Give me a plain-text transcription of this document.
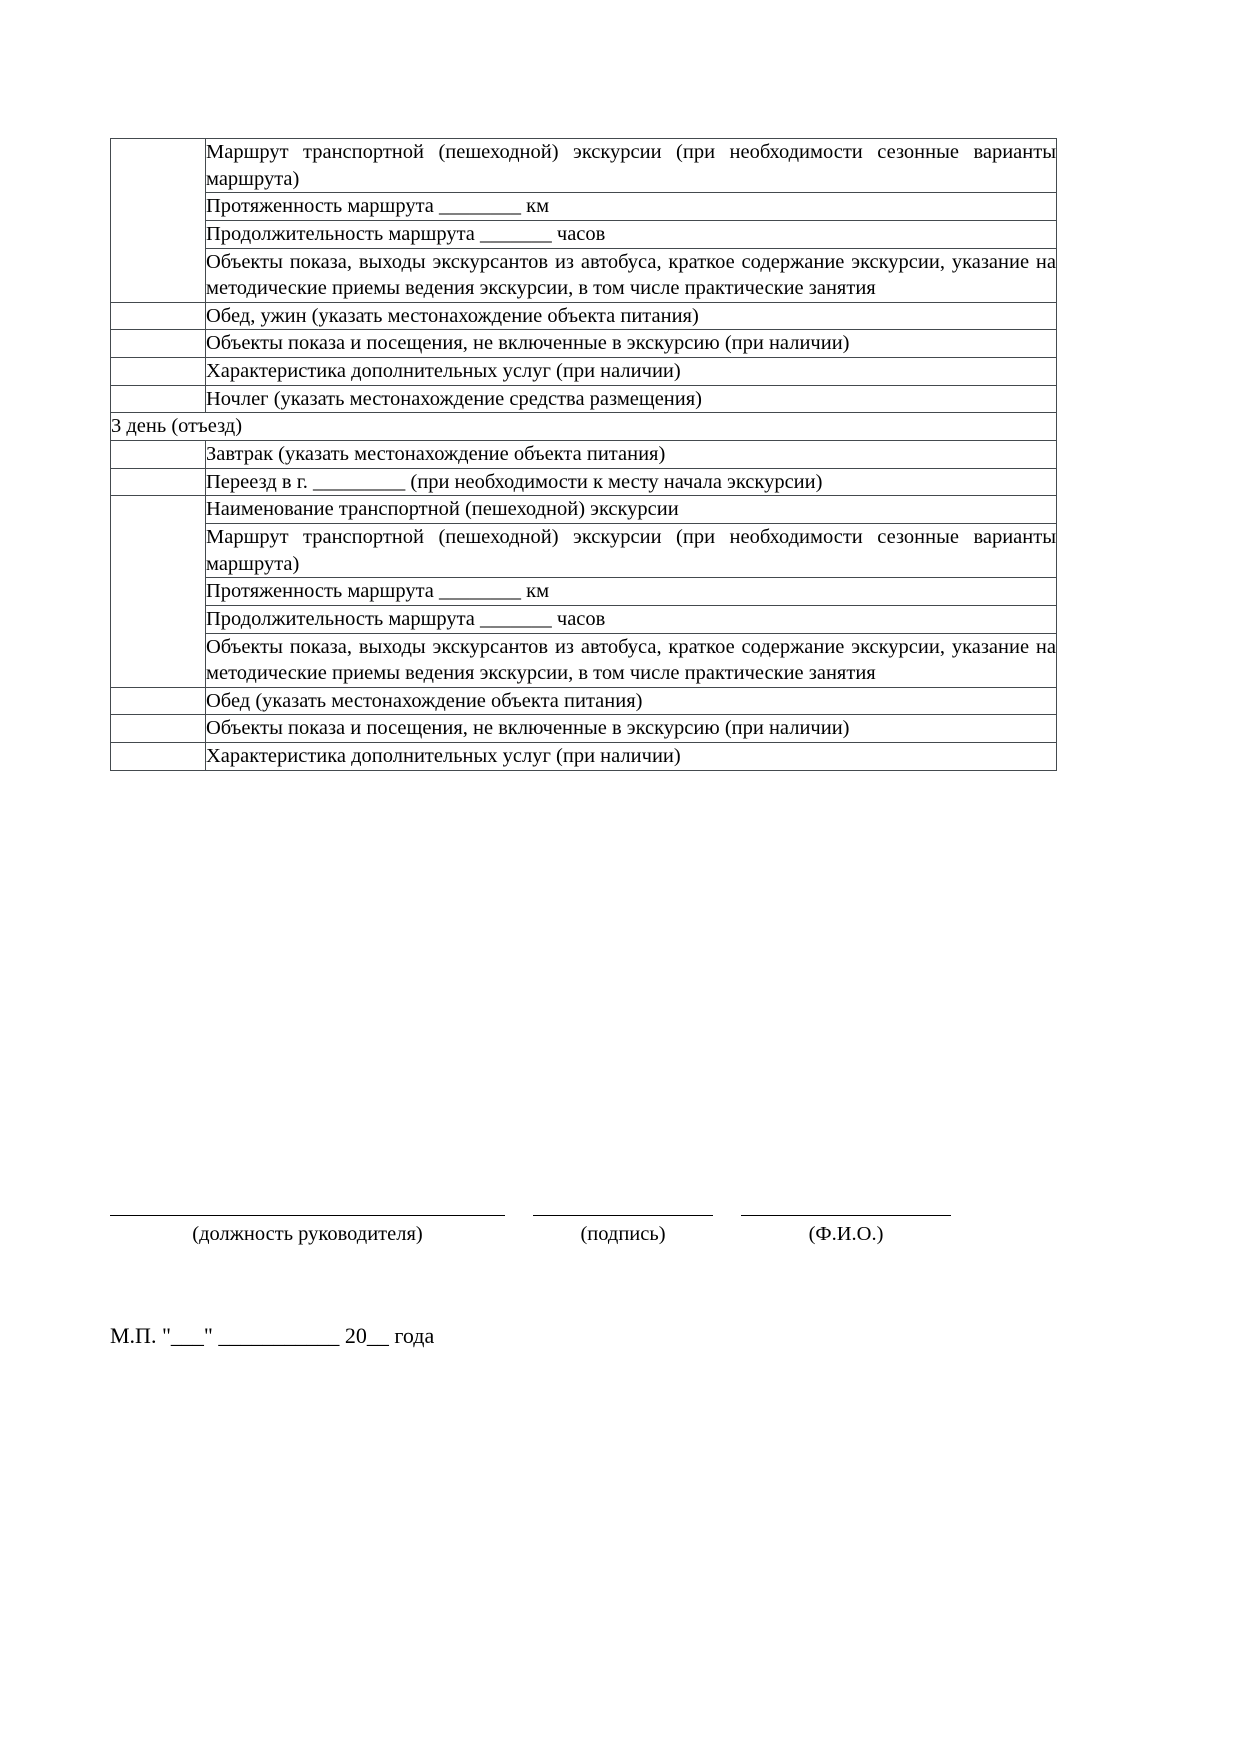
	Маршрут транспортной (пешеходной) экскурсии (при необходимости сезонные варианты маршрута)

	Протяженность маршрута ________ км

	Продолжительность маршрута _______ часов

	Объекты показа, выходы экскурсантов из автобуса, краткое содержание экскурсии, указание на методические приемы ведения экскурсии, в том числе практические занятия

	Обед, ужин (указать местонахождение объекта питания)

	Объекты показа и посещения, не включенные в экскурсию (при наличии)

	Характеристика дополнительных услуг (при наличии)

	Ночлег (указать местонахождение средства размещения)

3 день (отъезд)	

	Завтрак (указать местонахождение объекта питания)

	Переезд в г. _________ (при необходимости к месту начала экскурсии)

	Наименование транспортной (пешеходной) экскурсии

	Маршрут транспортной (пешеходной) экскурсии (при необходимости сезонные варианты маршрута)

	Протяженность маршрута ________ км

	Продолжительность маршрута _______ часов

	Объекты показа, выходы экскурсантов из автобуса, краткое содержание экскурсии, указание на методические приемы ведения экскурсии, в том числе практические занятия

	Обед (указать местонахождение объекта питания)

	Объекты показа и посещения, не включенные в экскурсию (при наличии)

	Характеристика дополнительных услуг (при наличии)
(должность руководителя)	(подпись)	(Ф.И.О.)
М.П. "___" ___________ 20__ года
